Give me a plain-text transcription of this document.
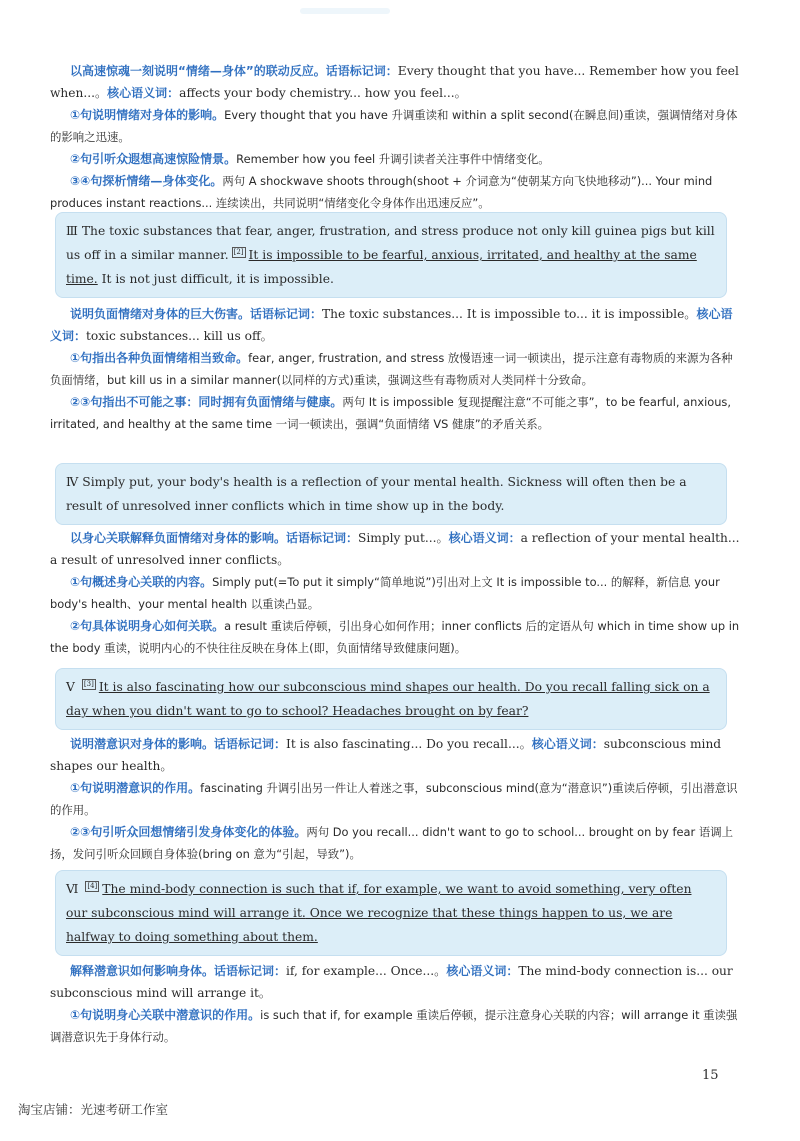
以高速惊魂一刻说明“情绪—身体”的联动反应。话语标记词：Every thought that you have... Remember how you feel when...。核心语义词：affects your body chemistry... how you feel...。

①句说明情绪对身体的影响。Every thought that you have 升调重读和 within a split second(在瞬息间)重读，强调情绪对身体的影响之迅速。

②句引听众遐想高速惊险情景。Remember how you feel 升调引读者关注事件中情绪变化。

③④句探析情绪—身体变化。两句 A shockwave shoots through(shoot + 介词意为“使朝某方向飞快地移动”)... Your mind produces instant reactions... 连续读出，共同说明“情绪变化令身体作出迅速反应”。

Ⅲ The toxic substances that fear, anger, frustration, and stress produce not only kill guinea pigs but kill us off in a similar manner. [2] It is impossible to be fearful, anxious, irritated, and healthy at the same time. It is not just difficult, it is impossible.

说明负面情绪对身体的巨大伤害。话语标记词：The toxic substances... It is impossible to... it is impossible。核心语义词：toxic substances... kill us off。

①句指出各种负面情绪相当致命。fear, anger, frustration, and stress 放慢语速一词一顿读出，提示注意有毒物质的来源为各种负面情绪，but kill us in a similar manner(以同样的方式)重读，强调这些有毒物质对人类同样十分致命。

②③句指出不可能之事：同时拥有负面情绪与健康。两句 It is impossible 复现提醒注意“不可能之事”，to be fearful, anxious, irritated, and healthy at the same time 一词一顿读出，强调“负面情绪 VS 健康”的矛盾关系。

Ⅳ Simply put, your body's health is a reflection of your mental health. Sickness will often then be a result of unresolved inner conflicts which in time show up in the body.

以身心关联解释负面情绪对身体的影响。话语标记词：Simply put...。核心语义词：a reflection of your mental health... a result of unresolved inner conflicts。

①句概述身心关联的内容。Simply put(=To put it simply“简单地说”)引出对上文 It is impossible to... 的解释，新信息 your body's health、your mental health 以重读凸显。

②句具体说明身心如何关联。a result 重读后停顿，引出身心如何作用；inner conflicts 后的定语从句 which in time show up in the body 重读，说明内心的不快往往反映在身体上(即，负面情绪导致健康问题)。

Ⅴ [3] It is also fascinating how our subconscious mind shapes our health. Do you recall falling sick on a day when you didn't want to go to school? Headaches brought on by fear?

说明潜意识对身体的影响。话语标记词：It is also fascinating... Do you recall...。核心语义词：subconscious mind shapes our health。

①句说明潜意识的作用。fascinating 升调引出另一件让人着迷之事，subconscious mind(意为“潜意识”)重读后停顿，引出潜意识的作用。

②③句引听众回想情绪引发身体变化的体验。两句 Do you recall... didn't want to go to school... brought on by fear 语调上扬，发问引听众回顾自身体验(bring on 意为“引起，导致”)。

Ⅵ [4] The mind-body connection is such that if, for example, we want to avoid something, very often our subconscious mind will arrange it. Once we recognize that these things happen to us, we are halfway to doing something about them.

解释潜意识如何影响身体。话语标记词：if, for example... Once...。核心语义词：The mind-body connection is... our subconscious mind will arrange it。

①句说明身心关联中潜意识的作用。is such that if, for example 重读后停顿，提示注意身心关联的内容；will arrange it 重读强调潜意识先于身体行动。

15
淘宝店铺：光速考研工作室
